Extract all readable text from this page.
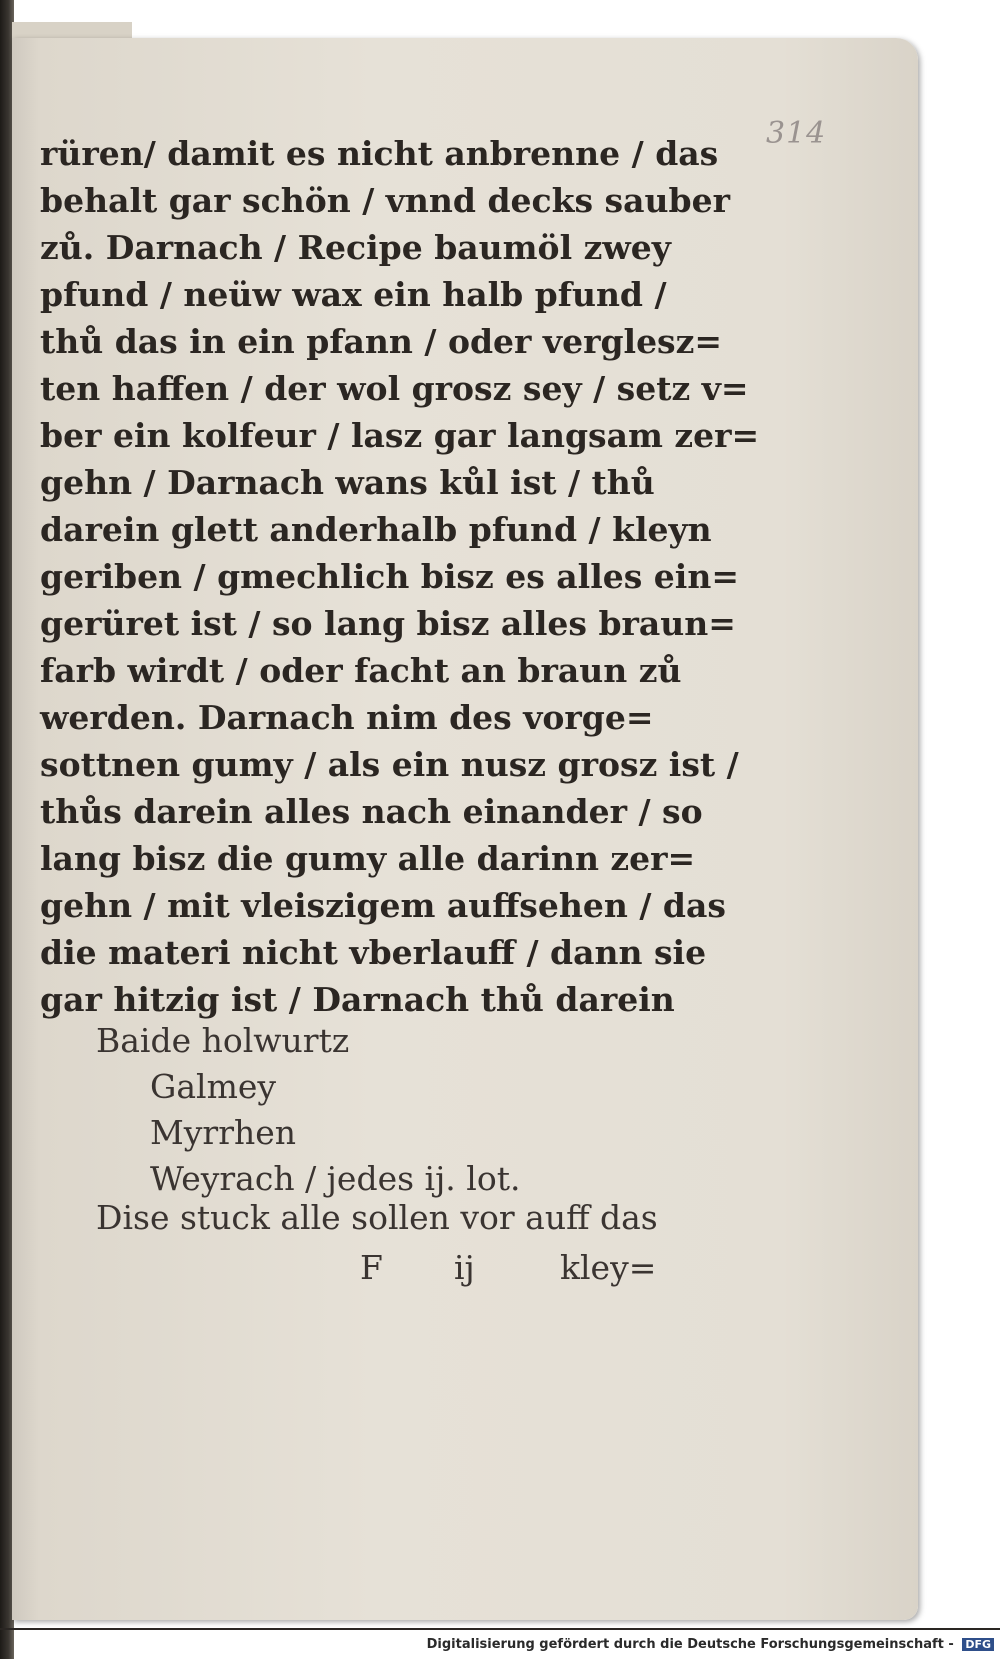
314
rüren/ damit es nicht anbrenne / das
behalt gar schön / vnnd decks sauber
zů. Darnach / Recipe baumöl zwey
pfund / neüw wax ein halb pfund /
thů das in ein pfann / oder verglesz=
ten haffen / der wol grosz sey / setz v=
ber ein kolfeur / lasz gar langsam zer=
gehn / Darnach wans kůl ist / thů
darein glett anderhalb pfund / kleyn
geriben / gmechlich bisz es alles ein=
gerüret ist / so lang bisz alles braun=
farb wirdt / oder facht an braun zů
werden. Darnach nim des vorge=
sottnen gumy / als ein nusz grosz ist /
thůs darein alles nach einander / so
lang bisz die gumy alle darinn zer=
gehn / mit vleiszigem auffsehen / das
die materi nicht vberlauff / dann sie
gar hitzig ist / Darnach thů darein
Baide holwurtz
Galmey
Myrrhen
Weyrach / jedes ij. lot.
Dise stuck alle sollen vor auff das
F ij	kley=
Digitalisierung gefördert durch die Deutsche Forschungsgemeinschaft - DFG
